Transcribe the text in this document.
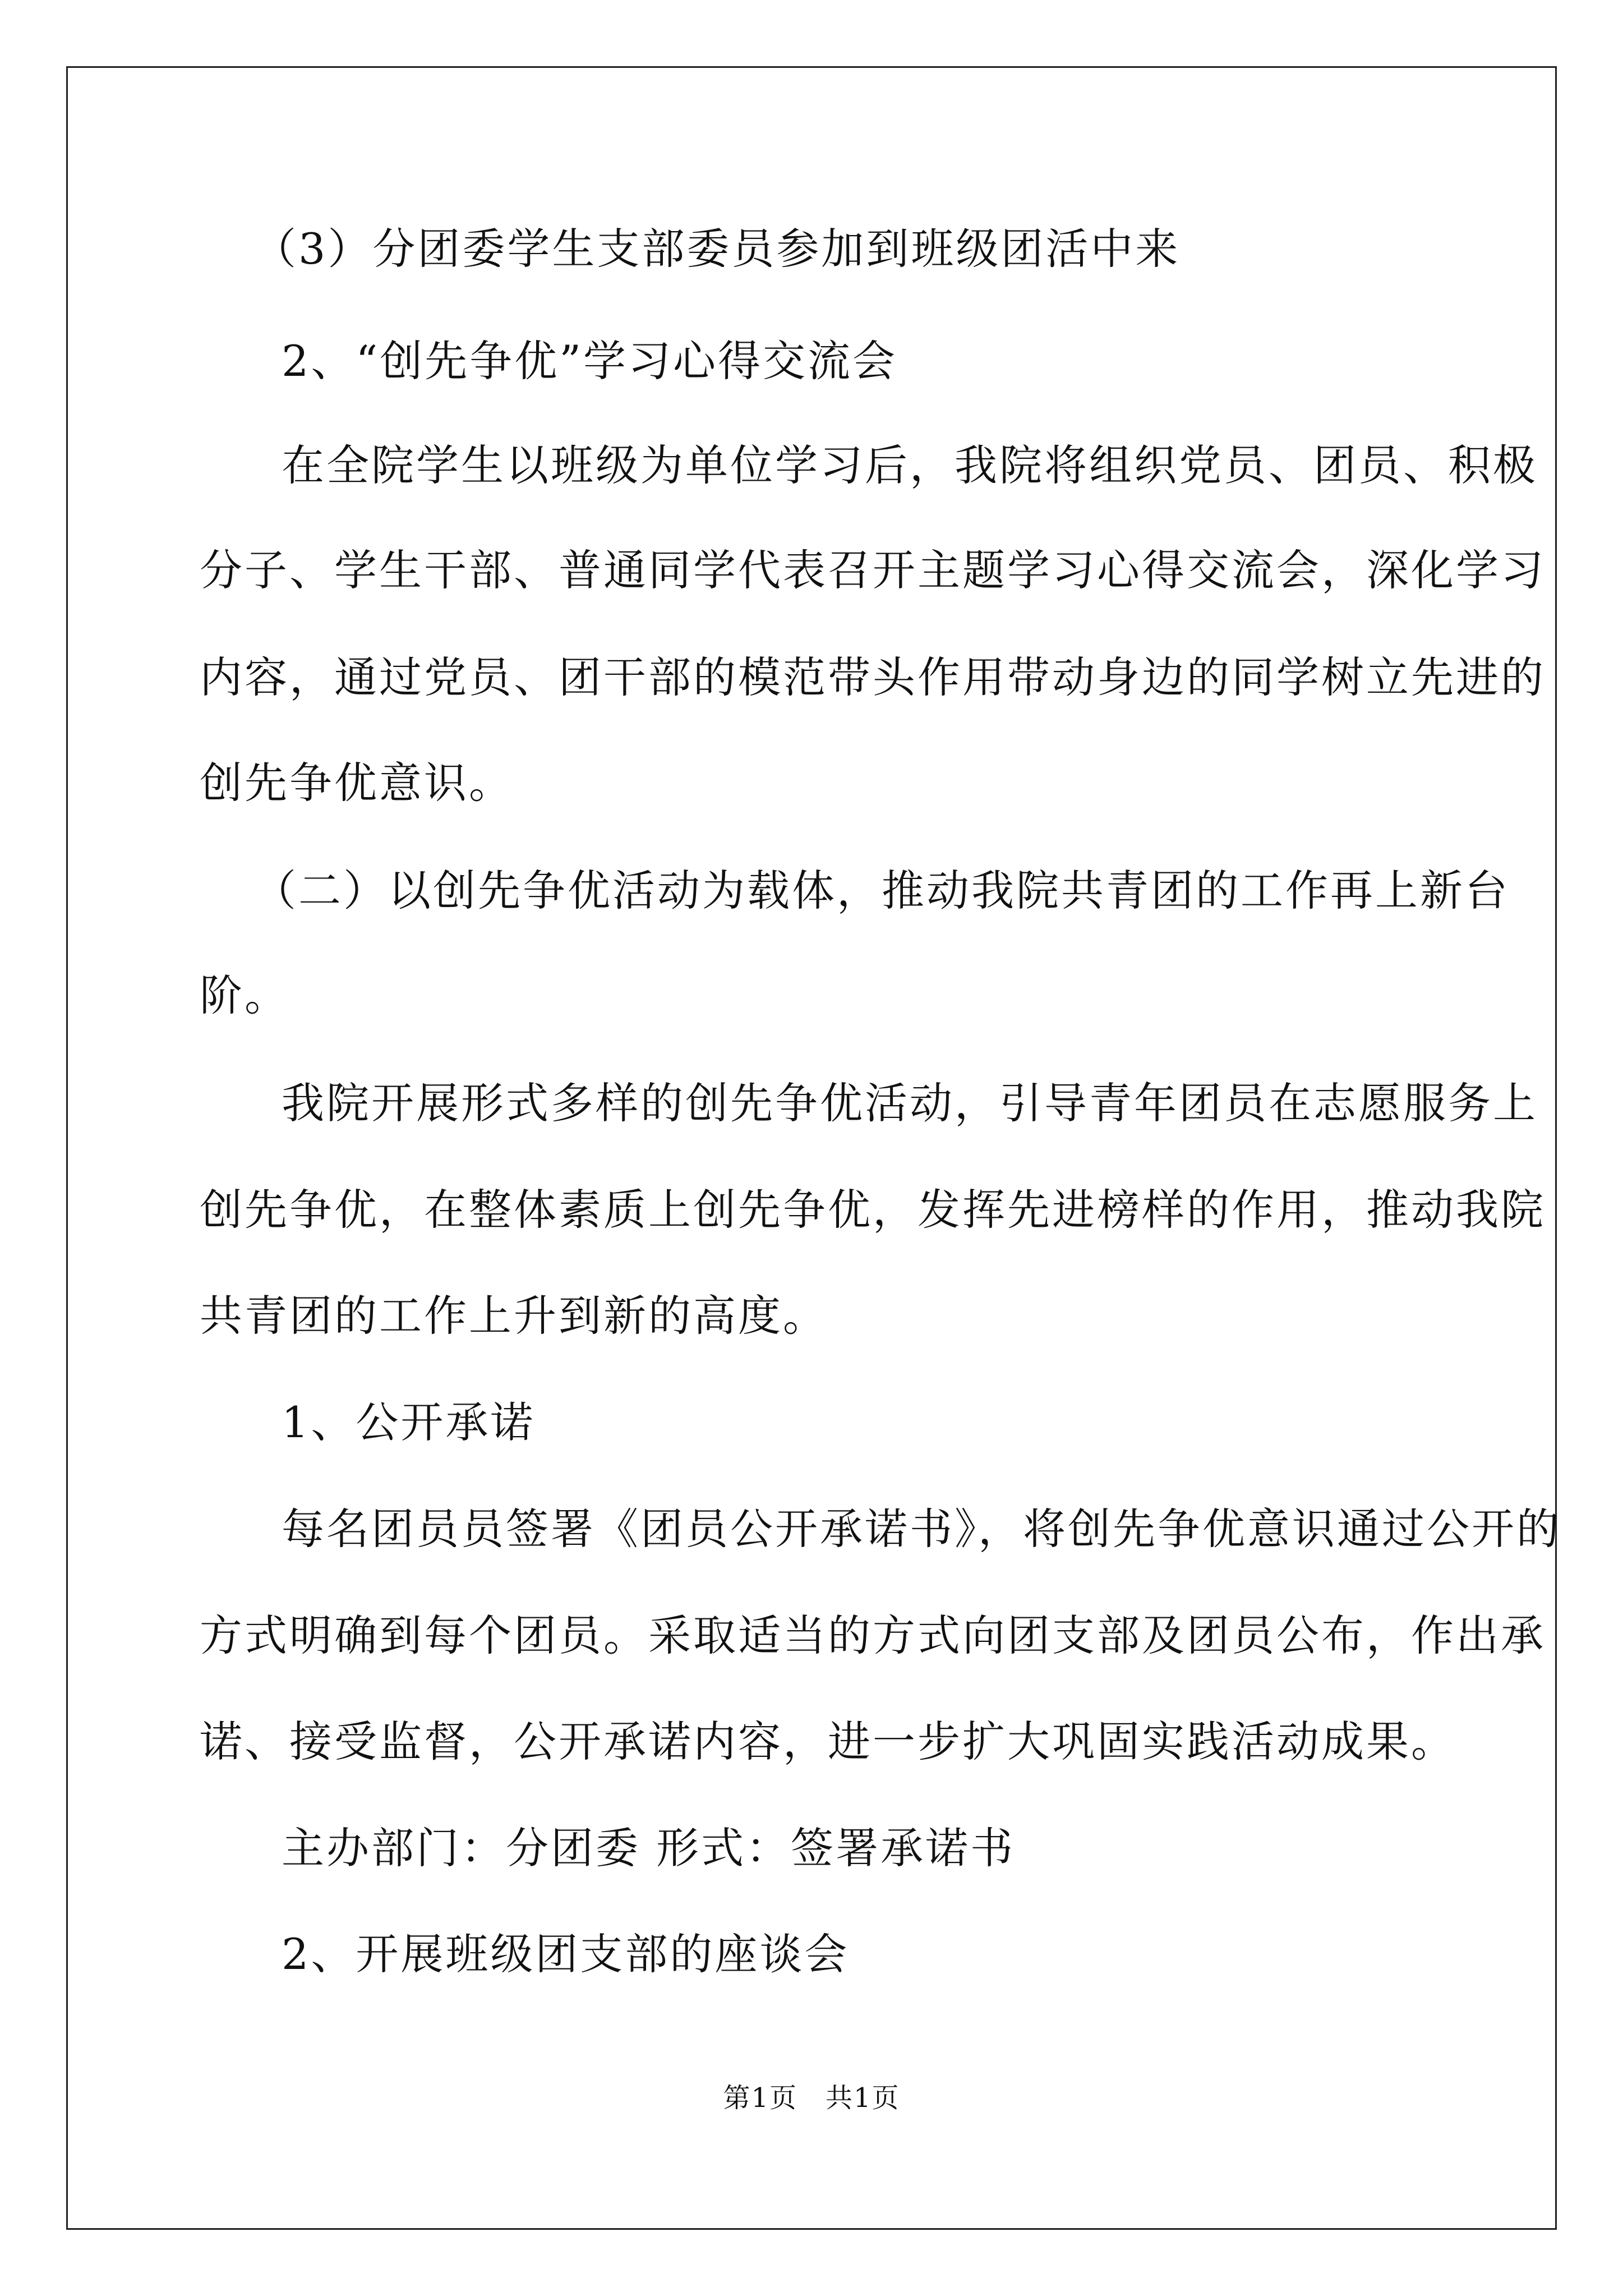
（3）分团委学生支部委员参加到班级团活中来
2、“创先争优”学习心得交流会
在全院学生以班级为单位学习后，我院将组织党员、团员、积极
分子、学生干部、普通同学代表召开主题学习心得交流会，深化学习
内容，通过党员、团干部的模范带头作用带动身边的同学树立先进的
创先争优意识。
（二）以创先争优活动为载体，推动我院共青团的工作再上新台
阶。
我院开展形式多样的创先争优活动，引导青年团员在志愿服务上
创先争优，在整体素质上创先争优，发挥先进榜样的作用，推动我院
共青团的工作上升到新的高度。
1、公开承诺
每名团员员签署《团员公开承诺书》，将创先争优意识通过公开的
方式明确到每个团员。采取适当的方式向团支部及团员公布，作出承
诺、接受监督，公开承诺内容，进一步扩大巩固实践活动成果。
主办部门：分团委 形式：签署承诺书
2、开展班级团支部的座谈会
第1页 共1页
